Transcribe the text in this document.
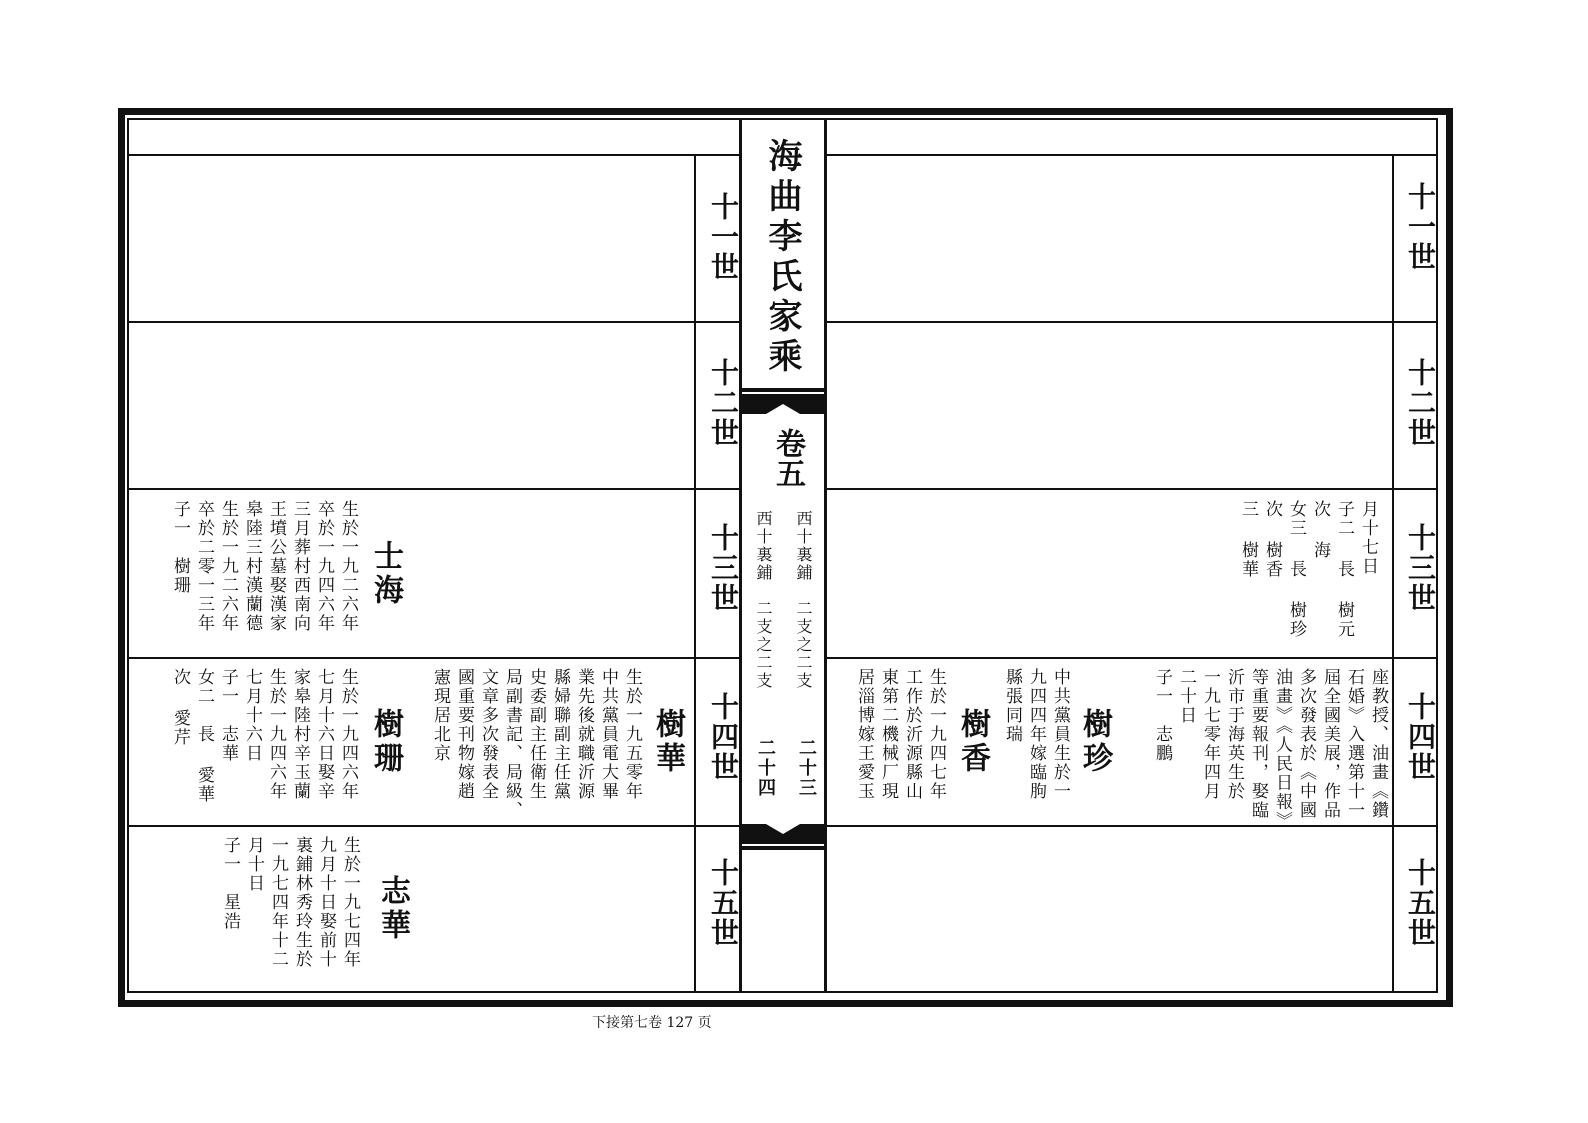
海曲李氏家乘
卷五
西十裏鋪　二支之二支
二十三
西十裏鋪　二支之二支
二十四
十一世
十二世
十三世
十四世
十五世
十一世
十二世
十三世
十四世
十五世
月十七日
子二 長 樹元
次 海
女三 長 樹珍
次 樹香
三 樹華
座教授、油畫《鑽
石婚》入選第十一
屆全國美展，作品
多次發表於《中國
油畫》《人民日報》
等重要報刊，娶臨
沂市于海英生於
一九七零年四月
二十日
子一　志鵬
樹珍
中共黨員生於一
九四四年嫁臨朐
縣張同瑞
樹香
生於一九四七年
工作於沂源縣山
東第二機械厂現
居淄博嫁王愛玉
士海
生於一九二六年
卒於一九四六年
三月葬村西南向
王墳公墓娶漢家
皋陸三村漢蘭德
生於一九二六年
卒於二零一三年
子一　樹珊
樹華
生於一九五零年
中共黨員電大畢
業先後就職沂源
縣婦聯副主任黨
史委副主任衛生
局副書記、局級、
文章多次發表全
國重要刊物嫁趙
憲現居北京
樹珊
生於一九四六年
七月十六日娶辛
家皋陸村辛玉蘭
生於一九四六年
七月十六日
子一　志華
女二　長 愛華
次 愛芹
志華
生於一九七四年
九月十日娶前十
裏鋪林秀玲生於
一九七四年十二
月十日
子一　星浩
下接第七卷 127 页
